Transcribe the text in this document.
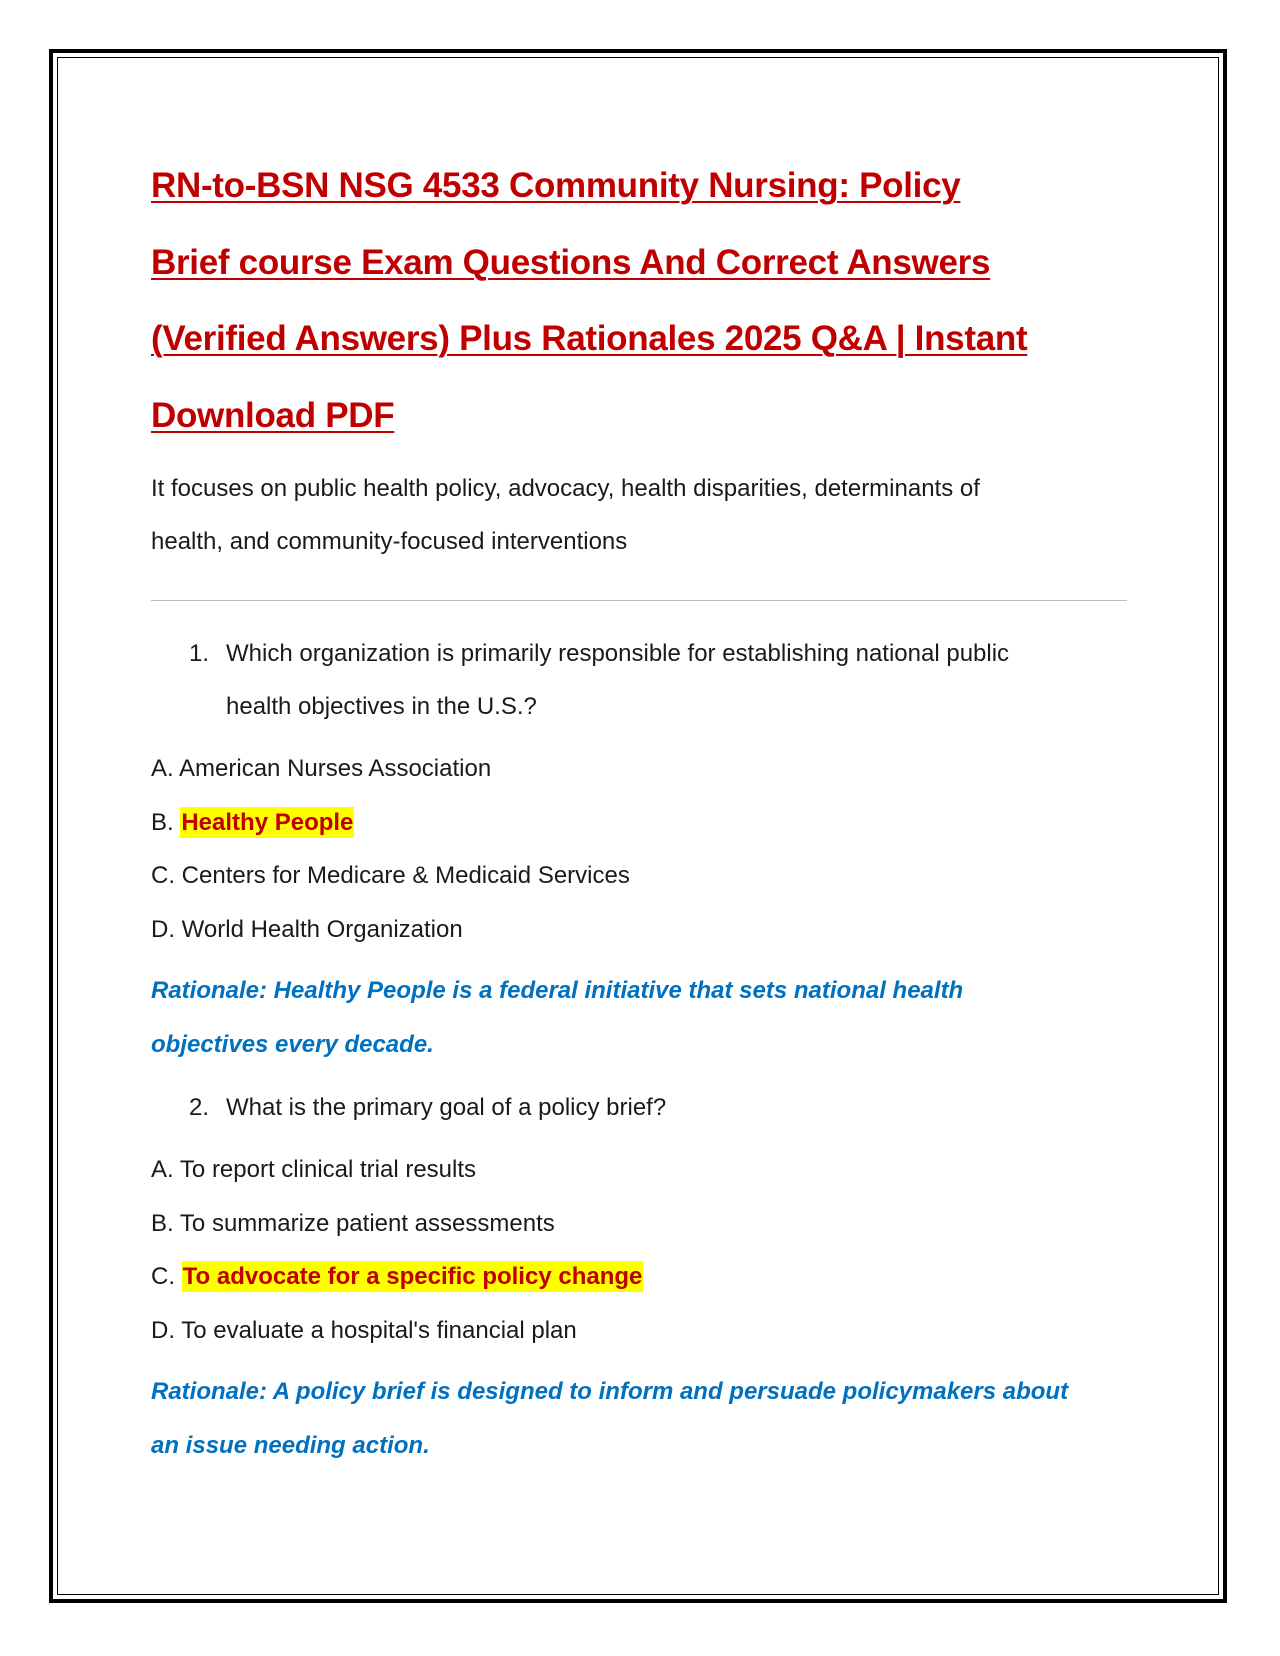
RN-to-BSN NSG 4533 Community Nursing: Policy
Brief course Exam Questions And Correct Answers
(Verified Answers) Plus Rationales 2025 Q&A | Instant
Download PDF

It focuses on public health policy, advocacy, health disparities, determinants of
health, and community-focused interventions

1. Which organization is primarily responsible for establishing national public
health objectives in the U.S.?

A. American Nurses Association

B. Healthy People

C. Centers for Medicare & Medicaid Services

D. World Health Organization

Rationale: Healthy People is a federal initiative that sets national health
objectives every decade.

2. What is the primary goal of a policy brief?

A. To report clinical trial results

B. To summarize patient assessments

C. To advocate for a specific policy change

D. To evaluate a hospital's financial plan

Rationale: A policy brief is designed to inform and persuade policymakers about
an issue needing action.
